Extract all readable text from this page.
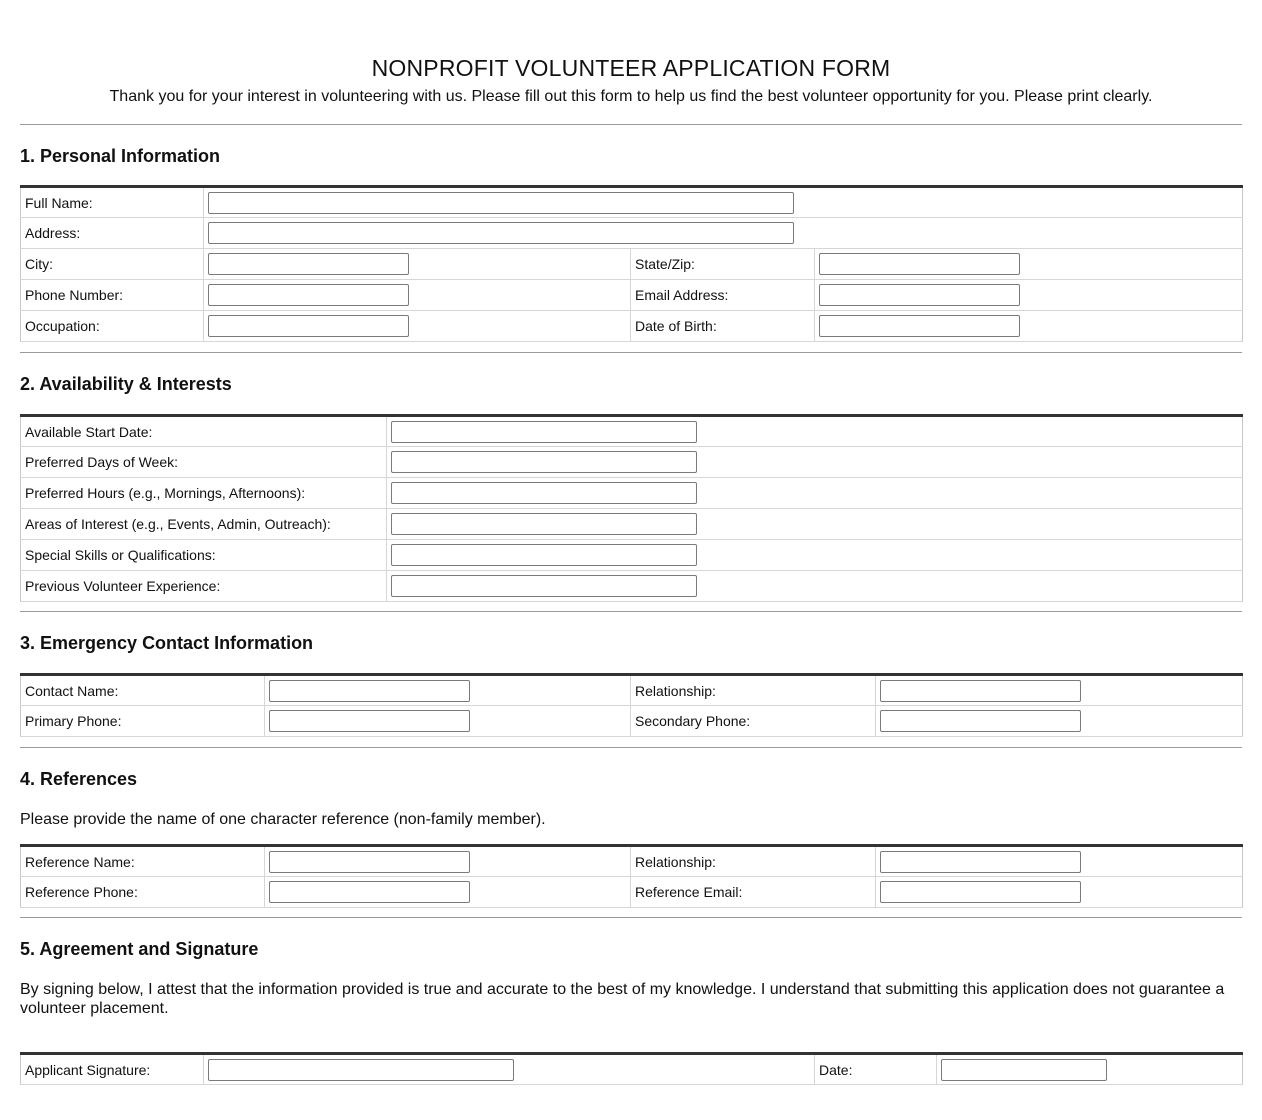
NONPROFIT VOLUNTEER APPLICATION FORM
Thank you for your interest in volunteering with us. Please fill out this form to help us find the best volunteer opportunity for you. Please print clearly.
1. Personal Information
Full Name:	

Address:	

City:		State/Zip:	

Phone Number:		Email Address:	

Occupation:		Date of Birth:	
2. Availability & Interests
Available Start Date:	

Preferred Days of Week:	

Preferred Hours (e.g., Mornings, Afternoons):	

Areas of Interest (e.g., Events, Admin, Outreach):	

Special Skills or Qualifications:	

Previous Volunteer Experience:	
3. Emergency Contact Information
Contact Name:		Relationship:	

Primary Phone:		Secondary Phone:	
4. References
Please provide the name of one character reference (non-family member).
Reference Name:		Relationship:	

Reference Phone:		Reference Email:	
5. Agreement and Signature
By signing below, I attest that the information provided is true and accurate to the best of my knowledge. I understand that submitting this application does not guarantee a volunteer placement.
Applicant Signature:		Date:	
